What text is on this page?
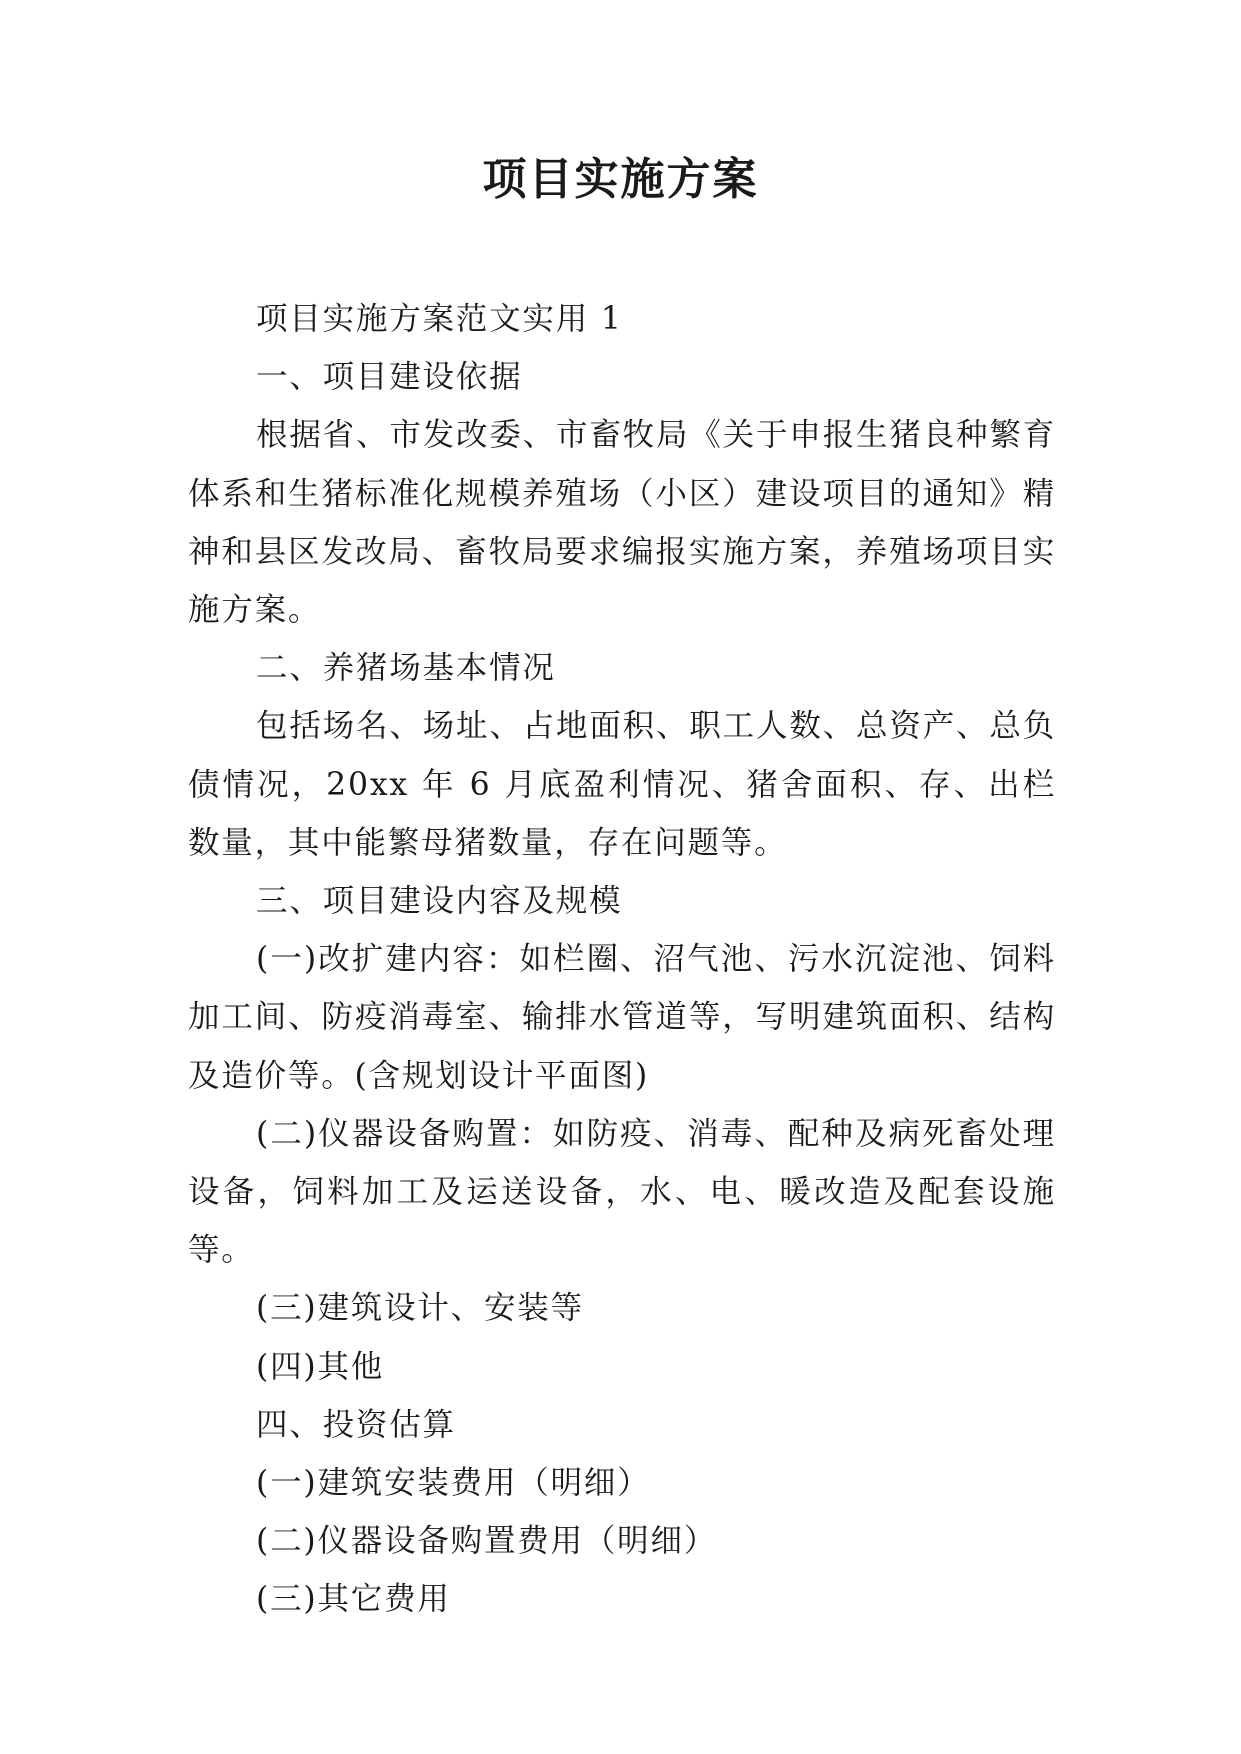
项目实施方案

项目实施方案范文实用 1

一、项目建设依据

根据省、市发改委、市畜牧局《关于申报生猪良种繁育体系和生猪标准化规模养殖场（小区）建设项目的通知》精神和县区发改局、畜牧局要求编报实施方案，养殖场项目实施方案。

二、养猪场基本情况

包括场名、场址、占地面积、职工人数、总资产、总负债情况，20xx 年 6 月底盈利情况、猪舍面积、存、出栏数量，其中能繁母猪数量，存在问题等。

三、项目建设内容及规模

(一)改扩建内容：如栏圈、沼气池、污水沉淀池、饲料加工间、防疫消毒室、输排水管道等，写明建筑面积、结构及造价等。(含规划设计平面图)

(二)仪器设备购置：如防疫、消毒、配种及病死畜处理设备，饲料加工及运送设备，水、电、暖改造及配套设施等。

(三)建筑设计、安装等

(四)其他

四、投资估算

(一)建筑安装费用（明细）

(二)仪器设备购置费用（明细）

(三)其它费用
